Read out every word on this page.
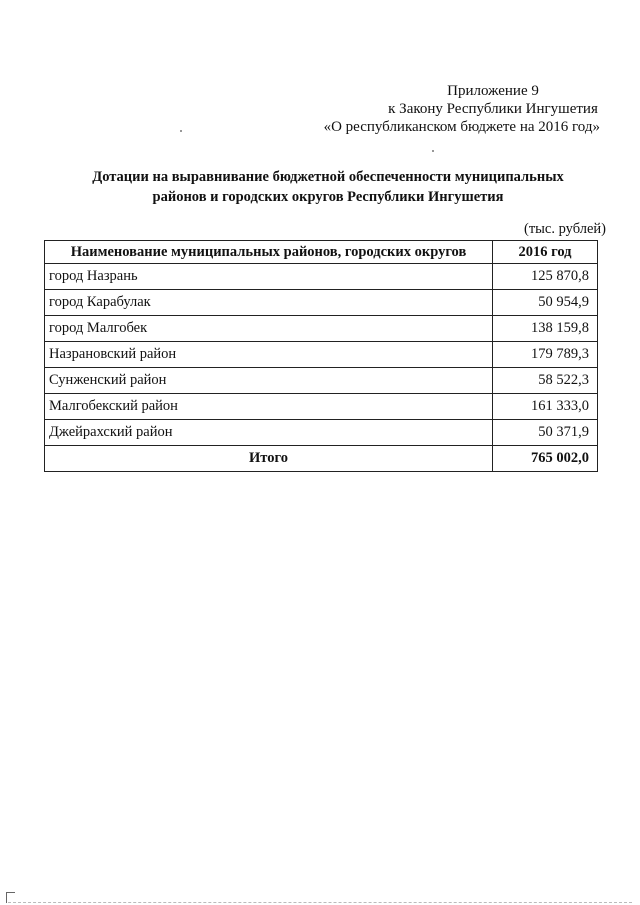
Приложение 9
к Закону Республики Ингушетия
«О республиканском бюджете на 2016 год»
Дотации на выравнивание бюджетной обеспеченности муниципальных
районов и городских округов Республики Ингушетия
(тыс. рублей)
Наименование муниципальных районов, городских округов	2016 год
город Назрань	125 870,8
город Карабулак	50 954,9
город Малгобек	138 159,8
Назрановский район	179 789,3
Сунженский район	58 522,3
Малгобекский район	161 333,0
Джейрахский район	50 371,9
Итого	765 002,0
